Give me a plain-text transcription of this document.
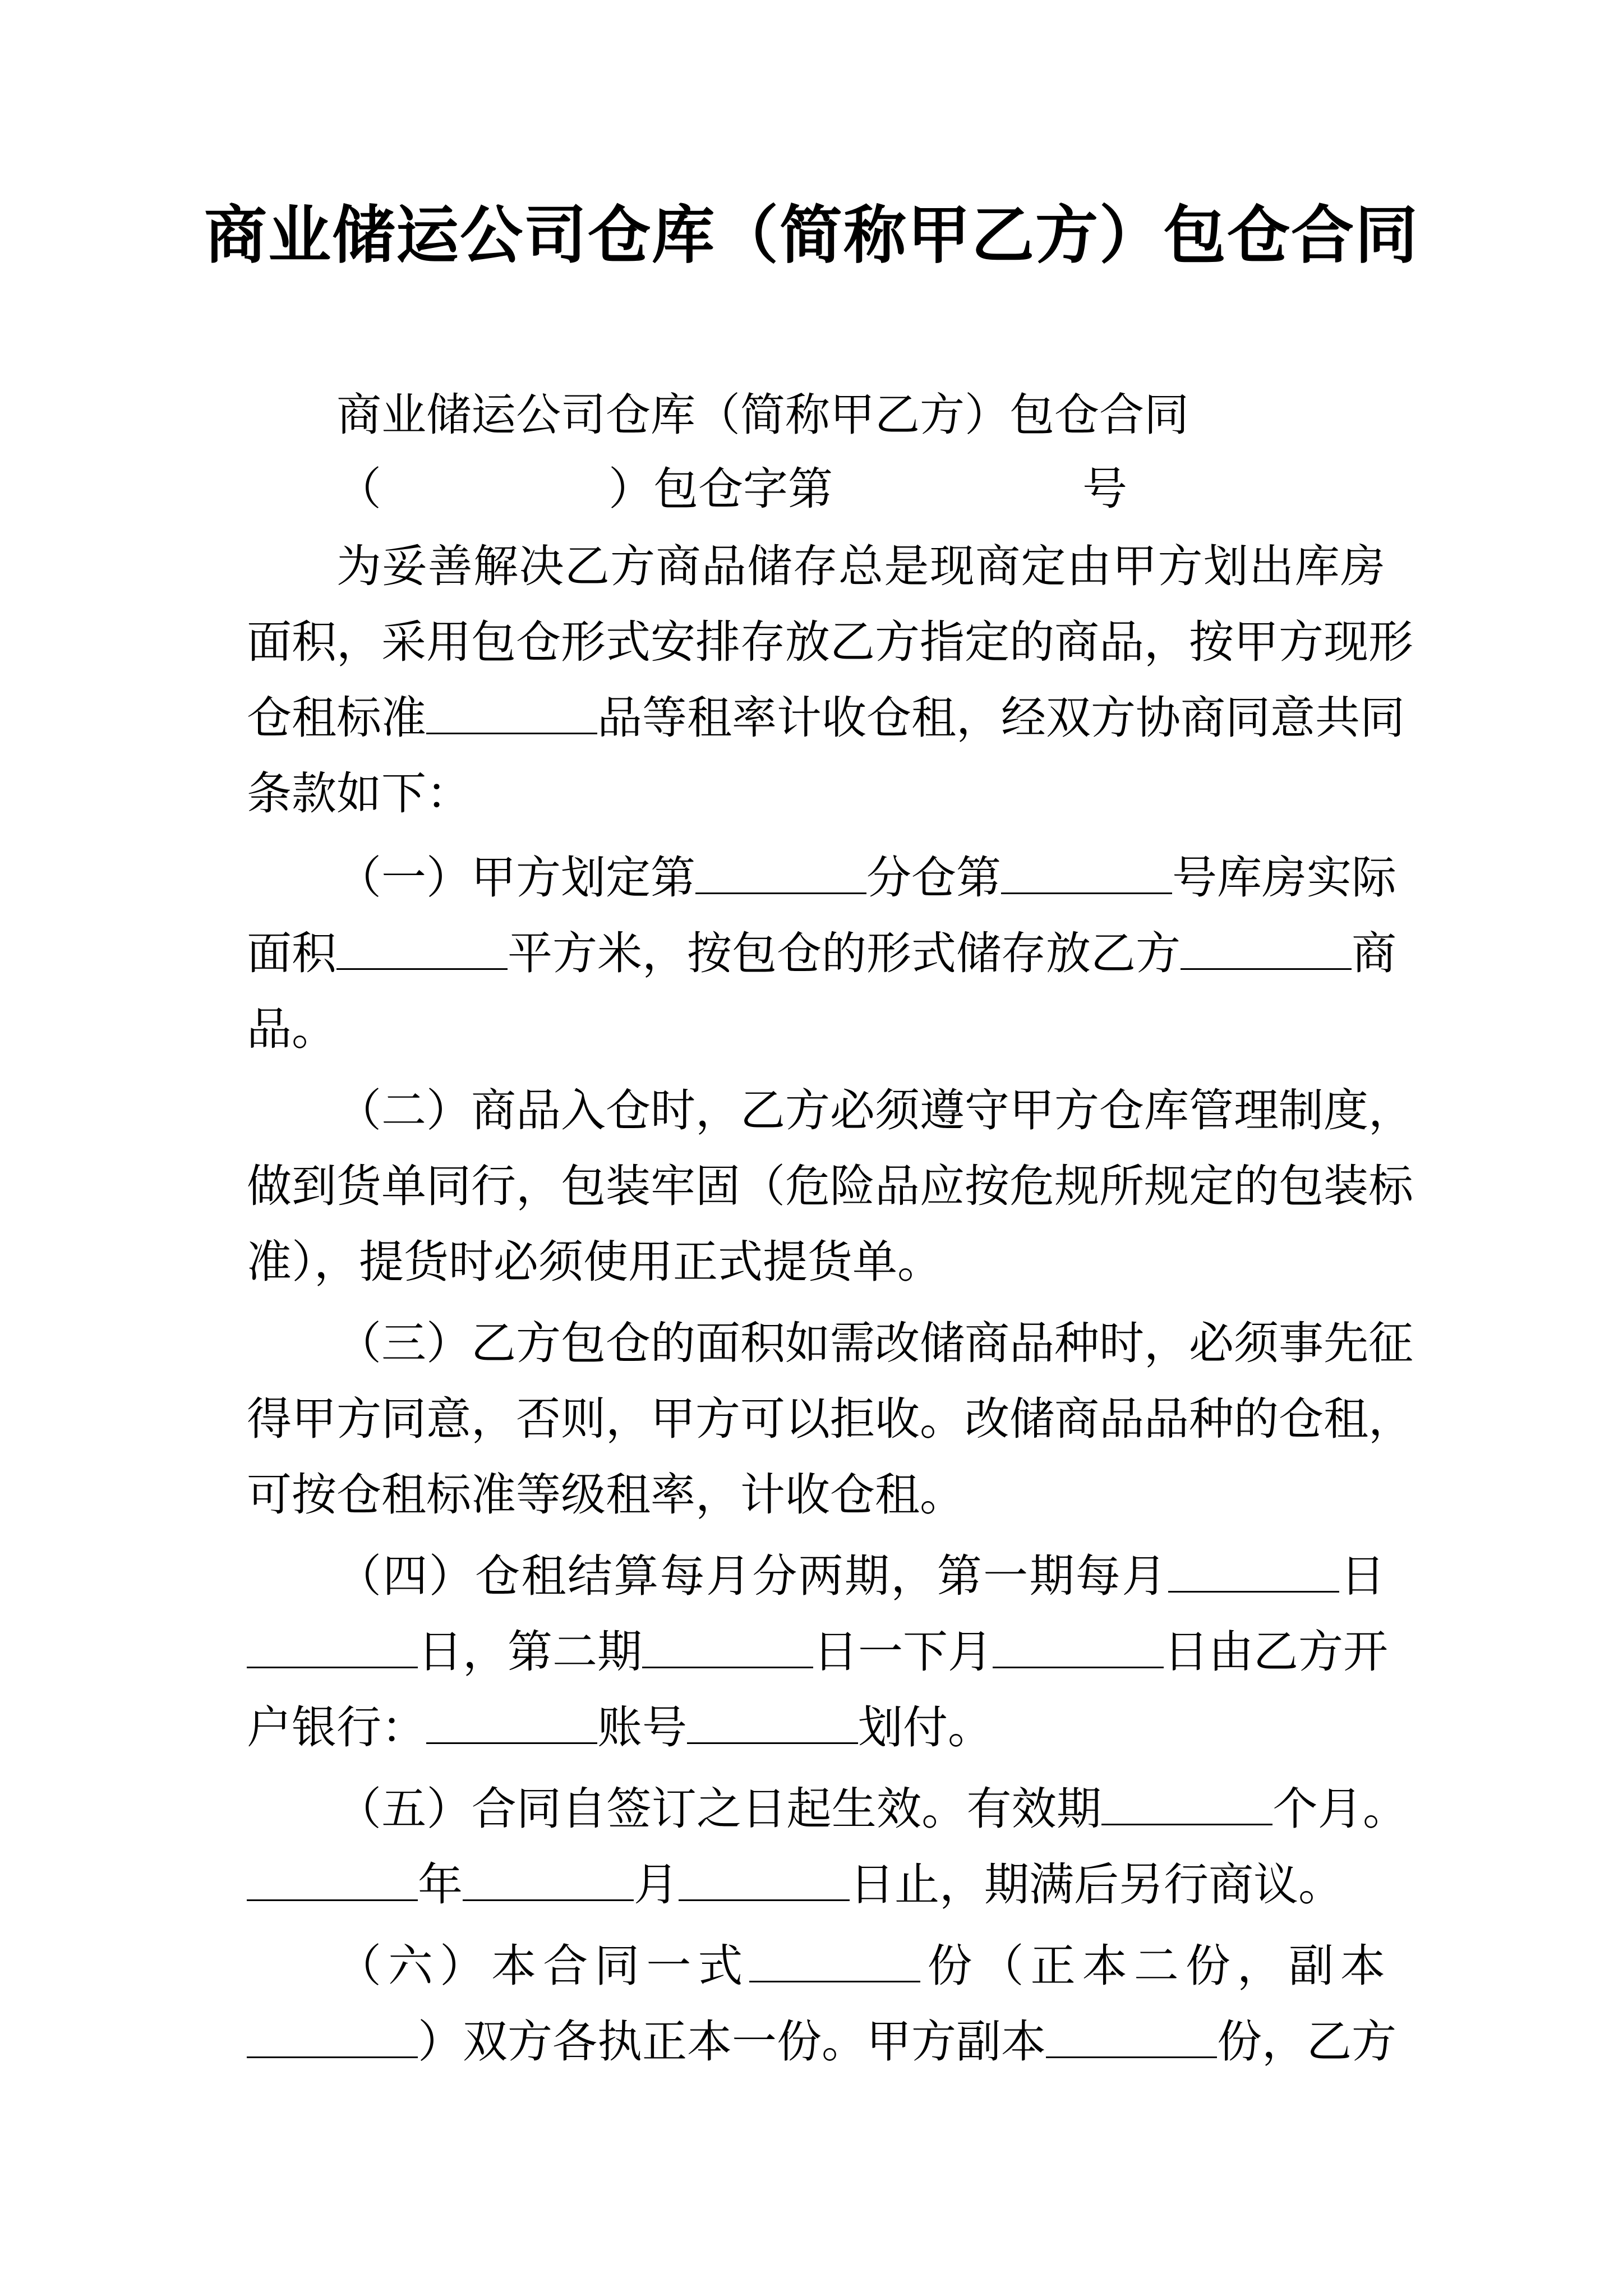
商业储运公司仓库（简称甲乙方）包仓合同
商业储运公司仓库（简称甲乙方）包仓合同
（	）包仓字第	号
为妥善解决乙方商品储存总是现商定由甲方划出库房
面积，采用包仓形式安排存放乙方指定的商品，按甲方现形
仓租标准	品等租率计收仓租，经双方协商同意共同
条款如下：
（一）甲方划定第	分仓第	号库房实际
面积	平方米，按包仓的形式储存放乙方	商
品。
（二）商品入仓时，乙方必须遵守甲方仓库管理制度，
做到货单同行，包装牢固（危险品应按危规所规定的包装标
准），提货时必须使用正式提货单。
（三）乙方包仓的面积如需改储商品种时，必须事先征
得甲方同意，否则，甲方可以拒收。改储商品品种的仓租，
可按仓租标准等级租率，计收仓租。
（四）仓租结算每月分两期，第一期每月	日
日，第二期	日一下月	日由乙方开
户银行：	账号	划付。
（五）合同自签订之日起生效。有效期	个月。
年	月	日止，期满后另行商议。
（六）本合同一式	份（正本二份，副本
）双方各执正本一份。甲方副本	份，乙方
